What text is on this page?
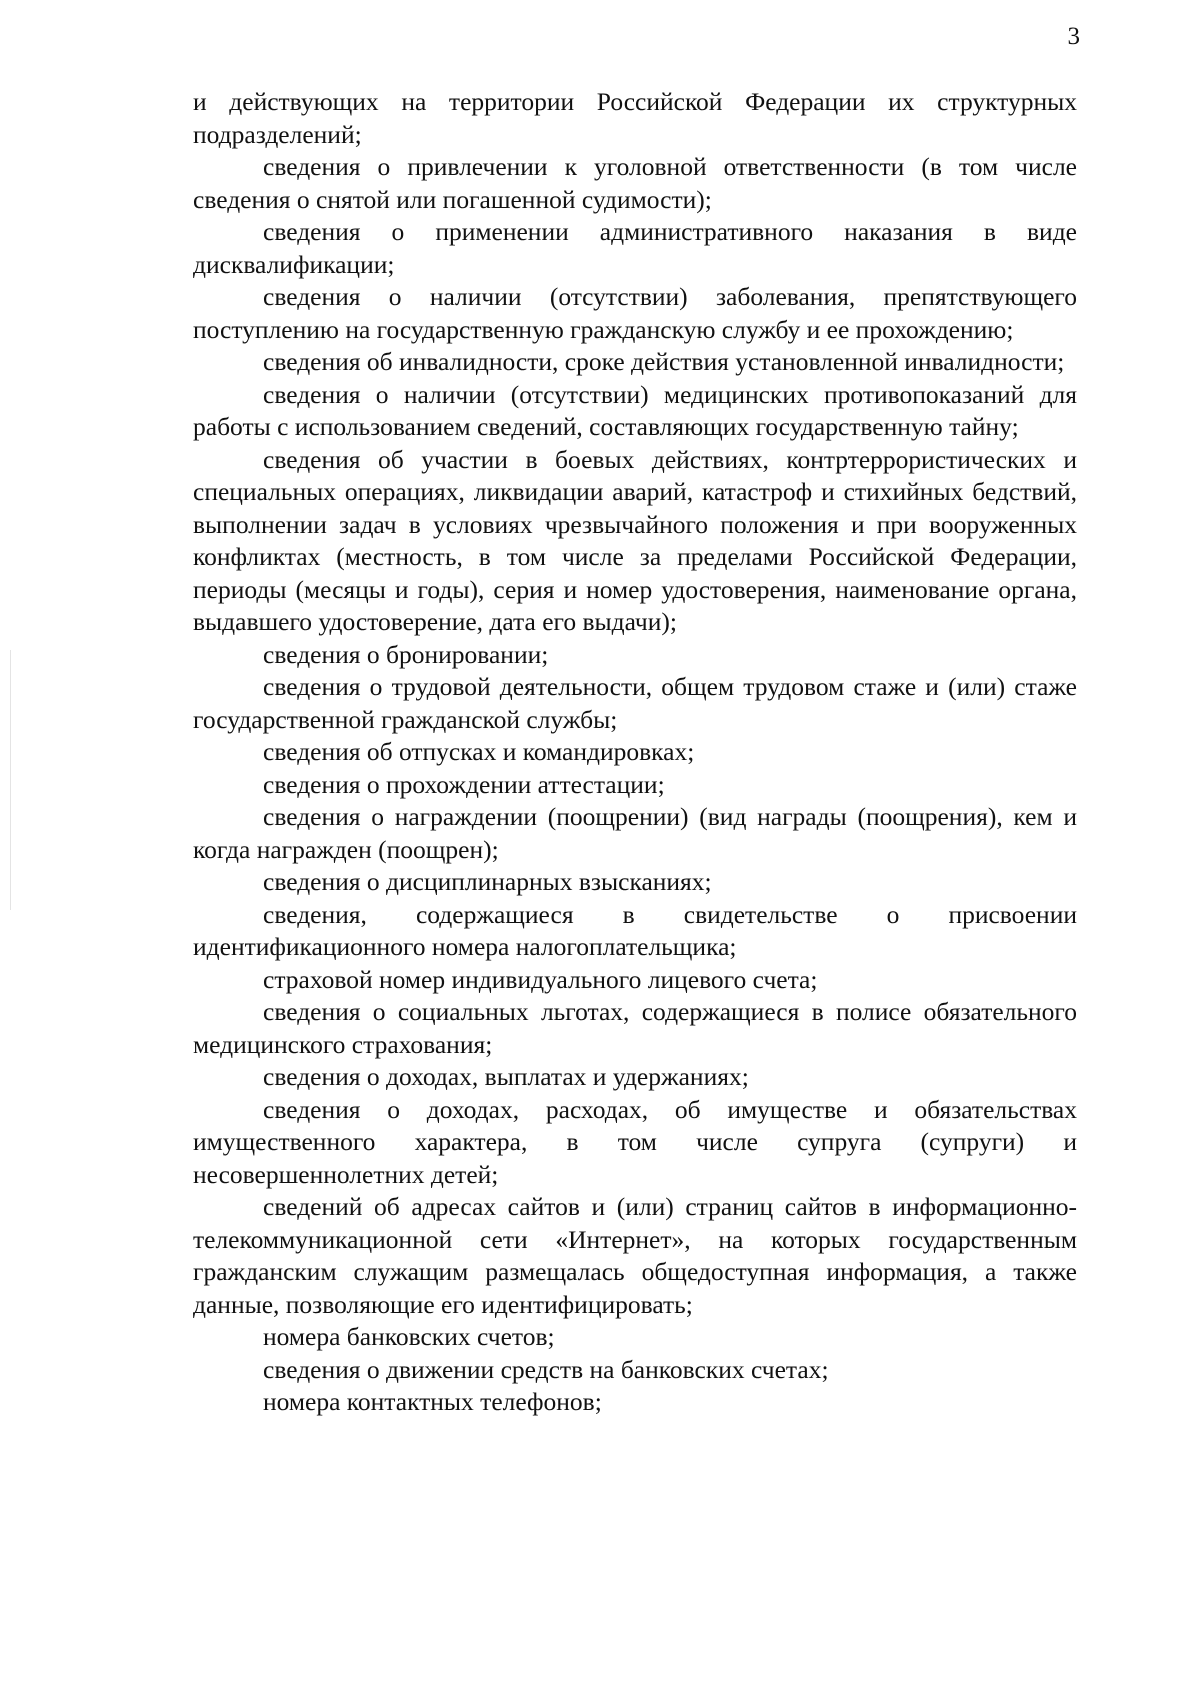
3

и действующих на территории Российской Федерации их структурных подразделений;

сведения о привлечении к уголовной ответственности (в том числе сведения о снятой или погашенной судимости);

сведения о применении административного наказания в виде дисквалификации;

сведения о наличии (отсутствии) заболевания, препятствующего поступлению на государственную гражданскую службу и ее прохождению;

сведения об инвалидности, сроке действия установленной инвалидности;

сведения о наличии (отсутствии) медицинских противопоказаний для работы с использованием сведений, составляющих государственную тайну;

сведения об участии в боевых действиях, контртеррористических и специальных операциях, ликвидации аварий, катастроф и стихийных бедствий, выполнении задач в условиях чрезвычайного положения и при вооруженных конфликтах (местность, в том числе за пределами Российской Федерации, периоды (месяцы и годы), серия и номер удостоверения, наименование органа, выдавшего удостоверение, дата его выдачи);

сведения о бронировании;

сведения о трудовой деятельности, общем трудовом стаже и (или) стаже государственной гражданской службы;

сведения об отпусках и командировках;

сведения о прохождении аттестации;

сведения о награждении (поощрении) (вид награды (поощрения), кем и когда награжден (поощрен);

сведения о дисциплинарных взысканиях;

сведения, содержащиеся в свидетельстве о присвоении идентификационного номера налогоплательщика;

страховой номер индивидуального лицевого счета;

сведения о социальных льготах, содержащиеся в полисе обязательного медицинского страхования;

сведения о доходах, выплатах и удержаниях;

сведения о доходах, расходах, об имуществе и обязательствах имущественного характера, в том числе супруга (супруги) и несовершеннолетних детей;

сведений об адресах сайтов и (или) страниц сайтов в информационно-телекоммуникационной сети «Интернет», на которых государственным гражданским служащим размещалась общедоступная информация, а также данные, позволяющие его идентифицировать;

номера банковских счетов;

сведения о движении средств на банковских счетах;

номера контактных телефонов;
